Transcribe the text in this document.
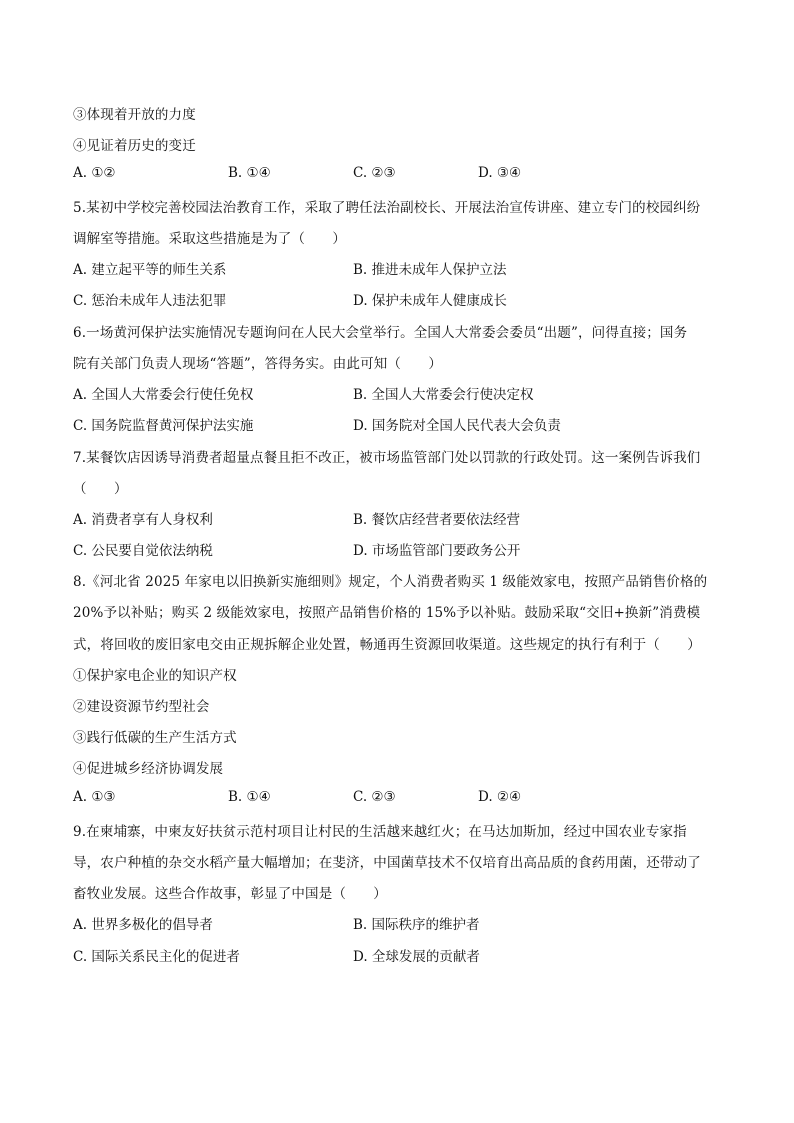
③体现着开放的力度
④见证着历史的变迁
A. ①②	B. ①④	C. ②③	D. ③④
5.某初中学校完善校园法治教育工作，采取了聘任法治副校长、开展法治宣传讲座、建立专门的校园纠纷
调解室等措施。采取这些措施是为了（　　）
A. 建立起平等的师生关系	B. 推进未成年人保护立法
C. 惩治未成年人违法犯罪	D. 保护未成年人健康成长
6.一场黄河保护法实施情况专题询问在人民大会堂举行。全国人大常委会委员“出题”，问得直接；国务
院有关部门负责人现场“答题”，答得务实。由此可知（　　）
A. 全国人大常委会行使任免权	B. 全国人大常委会行使决定权
C. 国务院监督黄河保护法实施	D. 国务院对全国人民代表大会负责
7.某餐饮店因诱导消费者超量点餐且拒不改正，被市场监管部门处以罚款的行政处罚。这一案例告诉我们
（　　）
A. 消费者享有人身权利	B. 餐饮店经营者要依法经营
C. 公民要自觉依法纳税	D. 市场监管部门要政务公开
8.《河北省 2025 年家电以旧换新实施细则》规定，个人消费者购买 1 级能效家电，按照产品销售价格的
20%予以补贴；购买 2 级能效家电，按照产品销售价格的 15%予以补贴。鼓励采取“交旧+换新”消费模
式，将回收的废旧家电交由正规拆解企业处置，畅通再生资源回收渠道。这些规定的执行有利于（　　）
①保护家电企业的知识产权
②建设资源节约型社会
③践行低碳的生产生活方式
④促进城乡经济协调发展
A. ①③	B. ①④	C. ②③	D. ②④
9.在柬埔寨，中柬友好扶贫示范村项目让村民的生活越来越红火；在马达加斯加，经过中国农业专家指
导，农户种植的杂交水稻产量大幅增加；在斐济，中国菌草技术不仅培育出高品质的食药用菌，还带动了
畜牧业发展。这些合作故事，彰显了中国是（　　）
A. 世界多极化的倡导者	B. 国际秩序的维护者
C. 国际关系民主化的促进者	D. 全球发展的贡献者
